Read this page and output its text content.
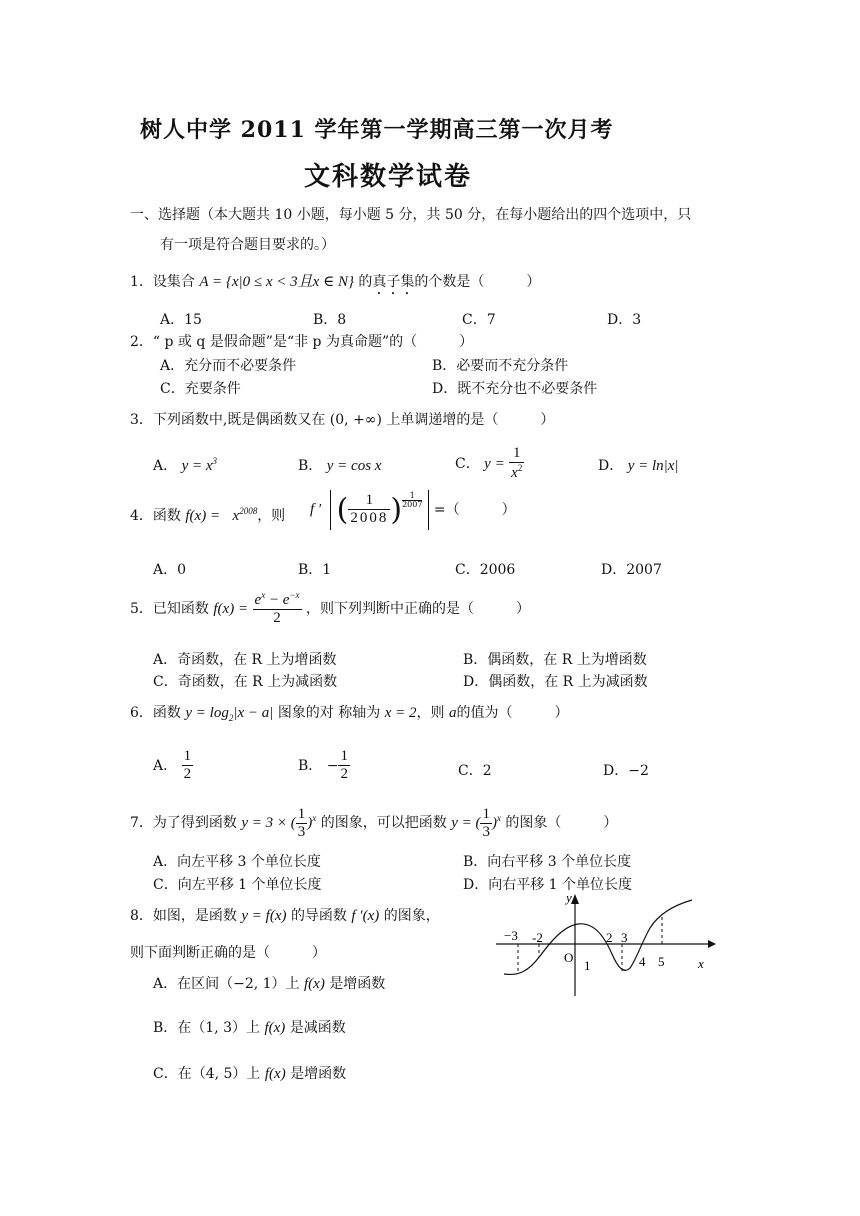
树人中学 2011 学年第一学期高三第一次月考
文科数学试卷
一、选择题（本大题共 10 小题，每小题 5 分，共 50 分，在每小题给出的四个选项中，只
有一项是符合题目要求的。）
1．设集合 A = {x|0 ≤ x < 3且x ∈ N} 的真子集的个数是（　　　）
A．15	B．8	C．7	D．3
2．“ p 或 q 是假命题”是“非 p 为真命题”的（　　　）
A．充分而不必要条件	B．必要而不充分条件
C．充要条件	D．既不充分也不必要条件
3．下列函数中,既是偶函数又在 (0, +∞) 上单调递增的是（　　　）
A． $y = x^3$	B． y = cos x	C． $y = \frac{1}{x^2}$	D． y = ln|x|
4．函数 $f(x) = x^{2008}$，则 f ′ ( $\frac{1}{2008}$ ) $\frac{1}{2007}$
=（　　　）
A．0	B．1	C．2006	D．2007
5．已知函数 $f(x) = \frac{e^x - e^{-x}}{2}$ ，则下列判断中正确的是（　　　）
A．奇函数，在 R 上为增函数	B．偶函数，在 R 上为增函数
C．奇函数，在 R 上为减函数	D．偶函数，在 R 上为减函数
6．函数 $y = \log_2|x - a|$ 图象的对 称轴为 x = 2，则 a的值为（　　　）
A． $\frac{1}{2}$	B． − $\frac{1}{2}$	C．2	D．−2
7．为了得到函数 y = 3 × ( $\frac{1}{3} )^x$ 的图象，可以把函数 y = ( $\frac{1}{3} )^x$ 的图象（　　　）
A．向左平移 3 个单位长度	B．向右平移 3 个单位长度
C．向左平移 1 个单位长度	D．向右平移 1 个单位长度
8．如图，是函数 y = f(x) 的导函数 f ′(x) 的图象，
则下面判断正确的是（　　　）
A．在区间（−2, 1）上 f(x) 是增函数
B．在（1, 3）上 f(x) 是减函数
C．在（4, 5）上 f(x) 是增函数
y
x
O
−3 -2
1
2 3
4 5
